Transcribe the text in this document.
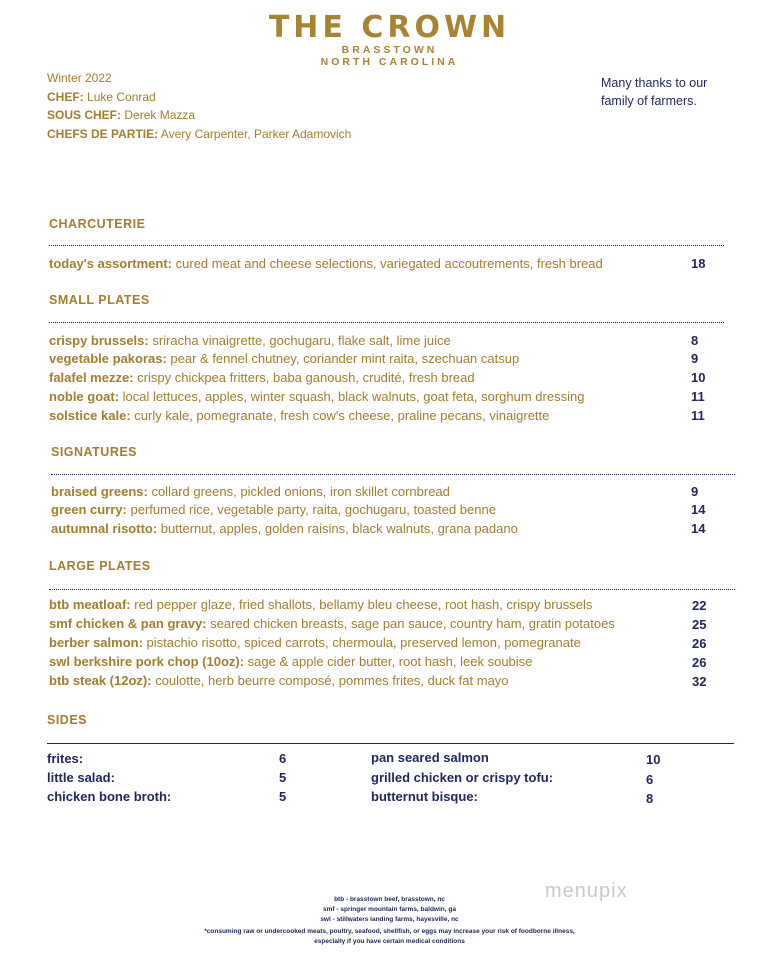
THE CROWN
BRASSTOWN
NORTH CAROLINA
Winter 2022
CHEF: Luke Conrad
SOUS CHEF: Derek Mazza
CHEFS DE PARTIE: Avery Carpenter, Parker Adamovich
Many thanks to our
family of farmers.
CHARCUTERIE
today's assortment: cured meat and cheese selections, variegated accoutrements, fresh bread	18
SMALL PLATES
crispy brussels: sriracha vinaigrette, gochugaru, flake salt, lime juice	8
vegetable pakoras: pear & fennel chutney, coriander mint raita, szechuan catsup	9
falafel mezze: crispy chickpea fritters, baba ganoush, crudité, fresh bread	10
noble goat: local lettuces, apples, winter squash, black walnuts, goat feta, sorghum dressing	11
solstice kale: curly kale, pomegranate, fresh cow's cheese, praline pecans, vinaigrette	11
SIGNATURES
braised greens: collard greens, pickled onions, iron skillet cornbread	9
green curry: perfumed rice, vegetable party, raita, gochugaru, toasted benne	14
autumnal risotto: butternut, apples, golden raisins, black walnuts, grana padano	14
LARGE PLATES
btb meatloaf: red pepper glaze, fried shallots, bellamy bleu cheese, root hash, crispy brussels	22
smf chicken & pan gravy: seared chicken breasts, sage pan sauce, country ham, gratin potatoes	25
berber salmon: pistachio risotto, spiced carrots, chermoula, preserved lemon, pomegranate	26
swl berkshire pork chop (10oz): sage & apple cider butter, root hash, leek soubise	26
btb steak (12oz): coulotte, herb beurre composé, pommes frites, duck fat mayo	32
SIDES
frites:	6
little salad:	5
chicken bone broth:	5
pan seared salmon	10
grilled chicken or crispy tofu:	6
butternut bisque:	8
btb - brasstown beef, brasstown, nc
smf - springer mountain farms, baldwin, ga
swl - stillwaters landing farms, hayesville, nc
*consuming raw or undercooked meats, poultry, seafood, shellfish, or eggs may increase your risk of foodborne illness,
especially if you have certain medical conditions
menupix
